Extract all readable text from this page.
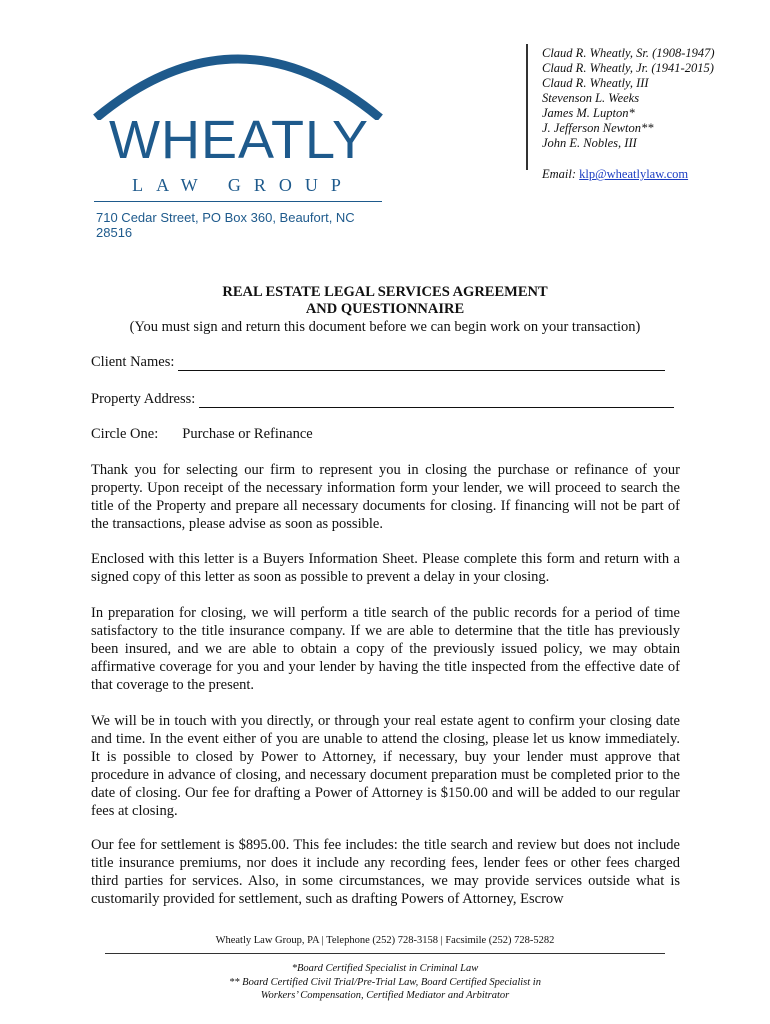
WHEATLY
LAW GROUP
710 Cedar Street, PO Box 360, Beaufort, NC 28516
Claud R. Wheatly, Sr. (1908-1947)
Claud R. Wheatly, Jr. (1941-2015)
Claud R. Wheatly, III
Stevenson L. Weeks
James M. Lupton*
J. Jefferson Newton**
John E. Nobles, III
Email: klp@wheatlylaw.com
REAL ESTATE LEGAL SERVICES AGREEMENT
AND QUESTIONNAIRE
(You must sign and return this document before we can begin work on your transaction)
Client Names:
Property Address:
Circle One: Purchase or Refinance

Thank you for selecting our firm to represent you in closing the purchase or refinance of your property. Upon receipt of the necessary information form your lender, we will proceed to search the title of the Property and prepare all necessary documents for closing. If financing will not be part of the transactions, please advise as soon as possible.

Enclosed with this letter is a Buyers Information Sheet. Please complete this form and return with a signed copy of this letter as soon as possible to prevent a delay in your closing.

In preparation for closing, we will perform a title search of the public records for a period of time satisfactory to the title insurance company. If we are able to determine that the title has previously been insured, and we are able to obtain a copy of the previously issued policy, we may obtain affirmative coverage for you and your lender by having the title inspected from the effective date of that coverage to the present.

We will be in touch with you directly, or through your real estate agent to confirm your closing date and time. In the event either of you are unable to attend the closing, please let us know immediately. It is possible to closed by Power to Attorney, if necessary, buy your lender must approve that procedure in advance of closing, and necessary document preparation must be completed prior to the date of closing. Our fee for drafting a Power of Attorney is $150.00 and will be added to our regular fees at closing.

Our fee for settlement is $895.00. This fee includes: the title search and review but does not include title insurance premiums, nor does it include any recording fees, lender fees or other fees charged third parties for services. Also, in some circumstances, we may provide services outside what is customarily provided for settlement, such as drafting Powers of Attorney, Escrow

Wheatly Law Group, PA | Telephone (252) 728-3158 | Facsimile (252) 728-5282
*Board Certified Specialist in Criminal Law
** Board Certified Civil Trial/Pre-Trial Law, Board Certified Specialist in
Workers’ Compensation, Certified Mediator and Arbitrator
